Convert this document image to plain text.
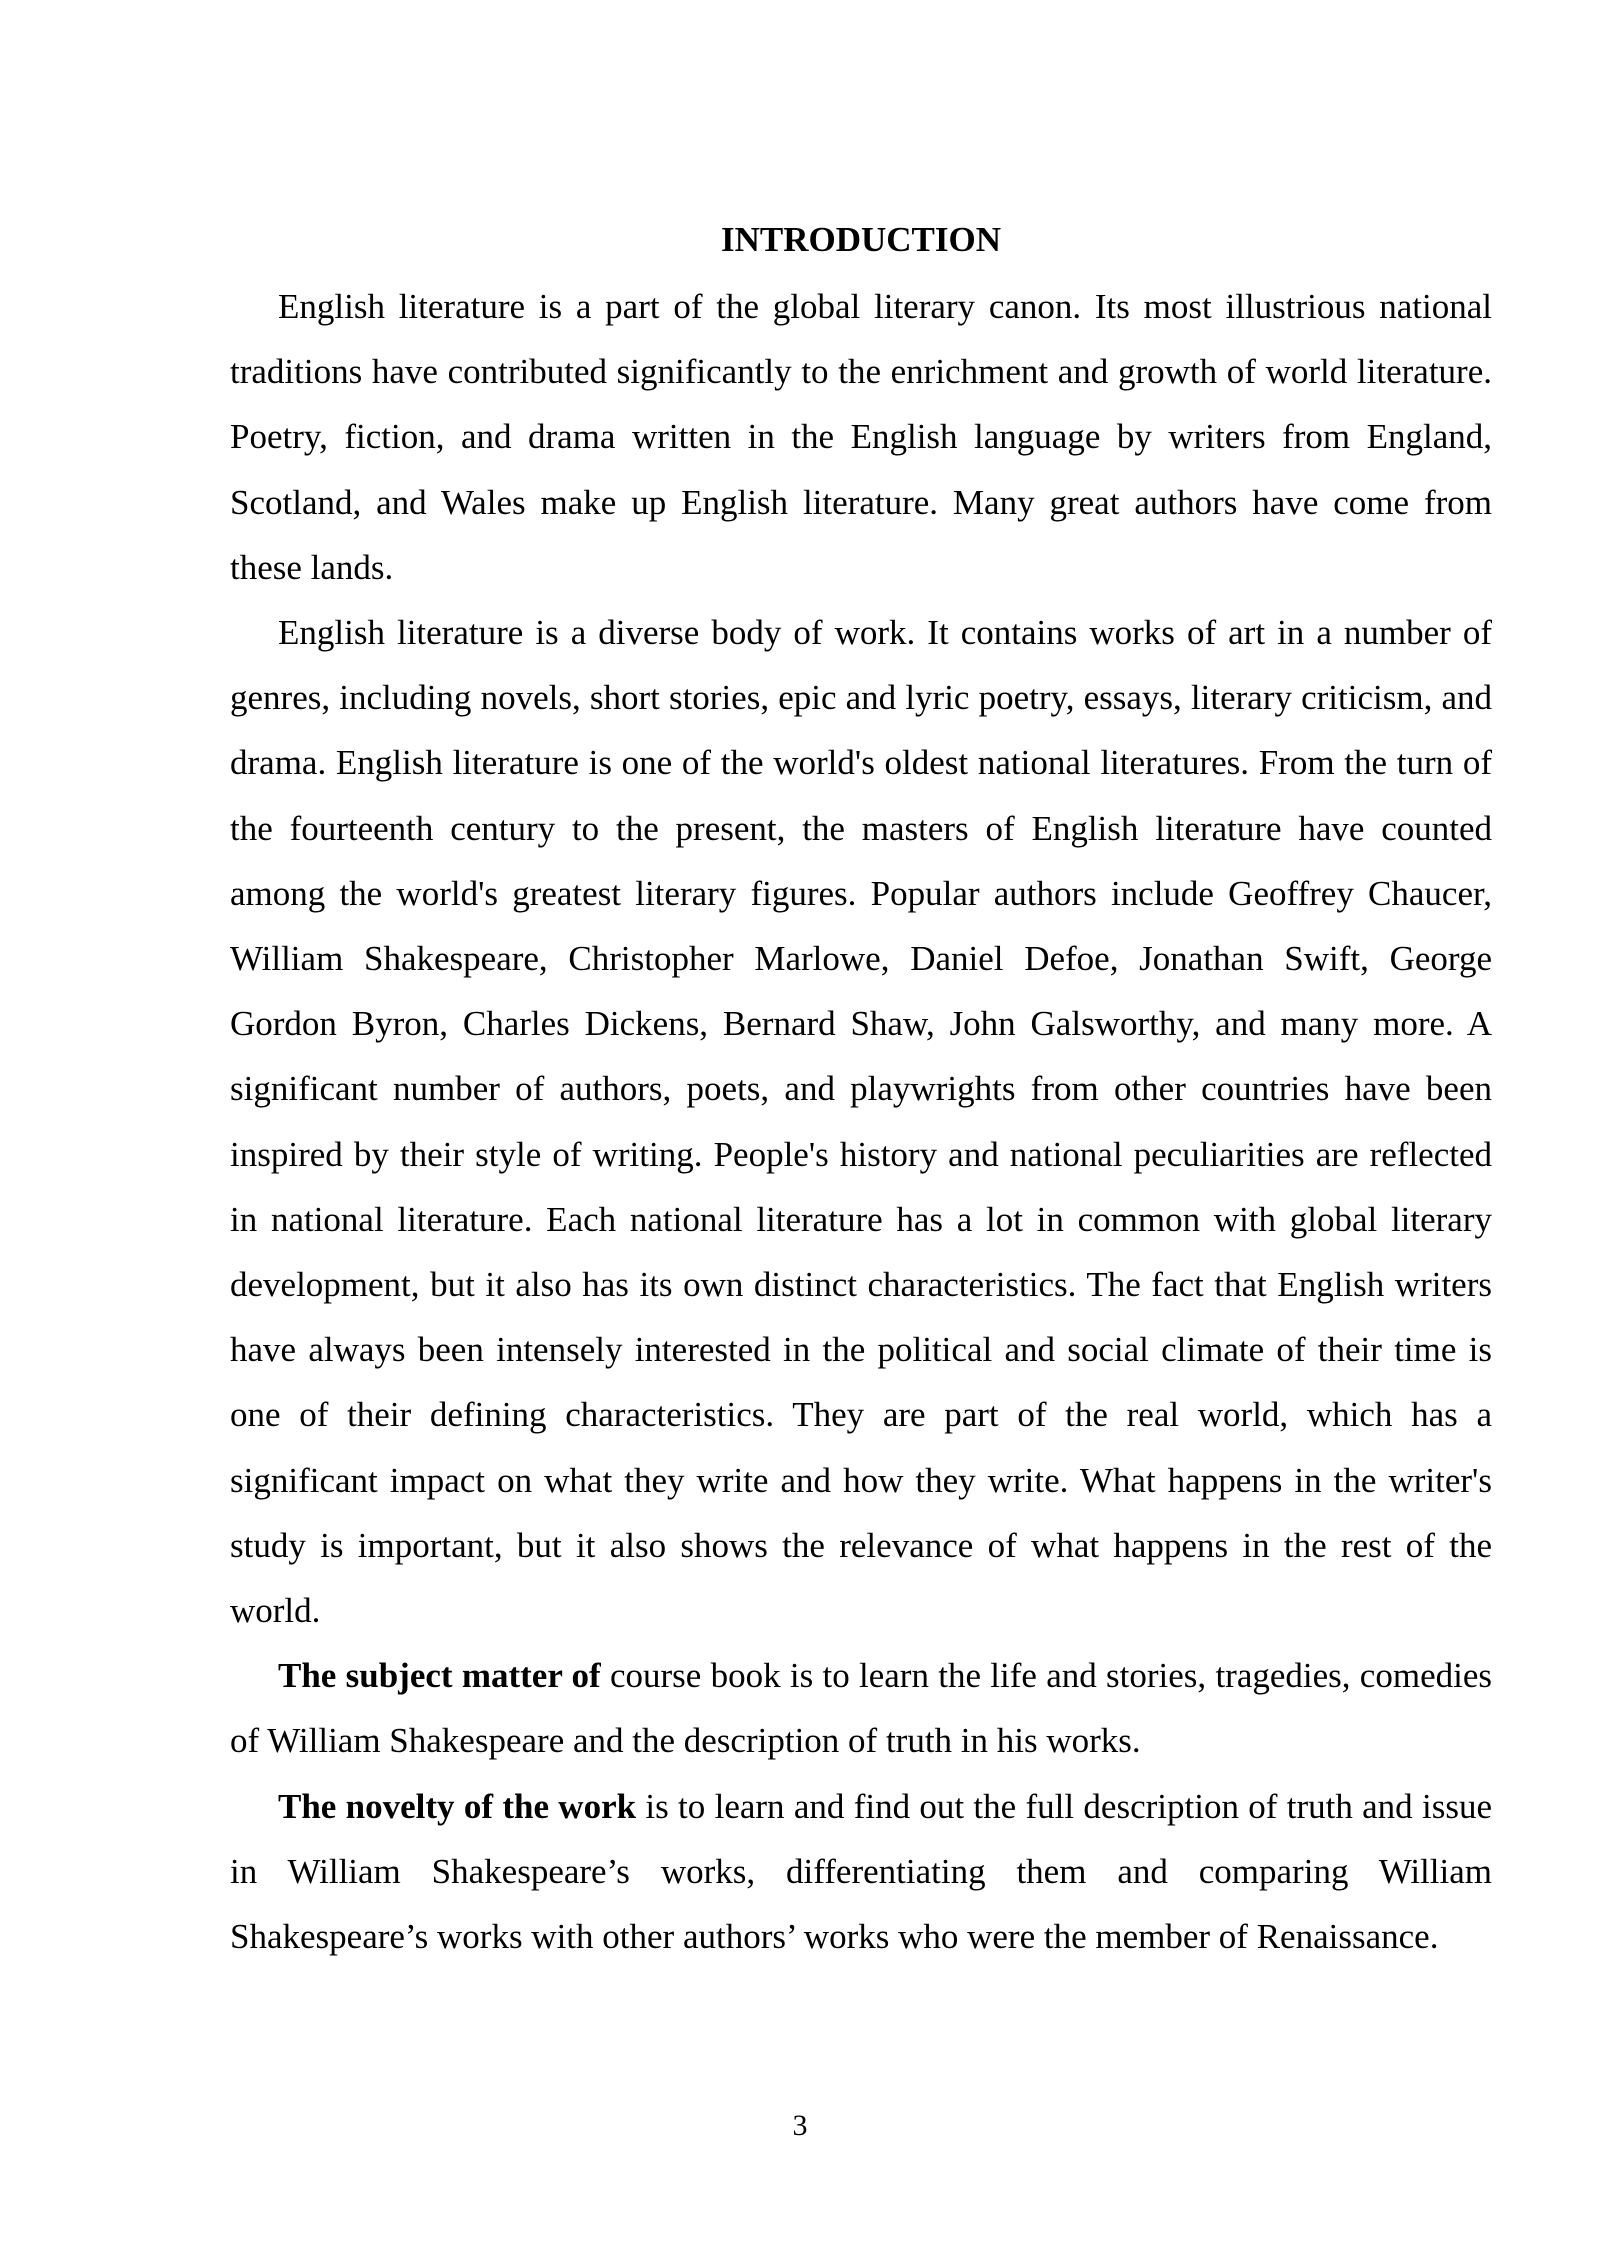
INTRODUCTION

English literature is a part of the global literary canon. Its most illustrious national traditions have contributed significantly to the enrichment and growth of world literature. Poetry, fiction, and drama written in the English language by writers from England, Scotland, and Wales make up English literature. Many great authors have come from these lands.

English literature is a diverse body of work. It contains works of art in a number of genres, including novels, short stories, epic and lyric poetry, essays, literary criticism, and drama. English literature is one of the world's oldest national literatures. From the turn of the fourteenth century to the present, the masters of English literature have counted among the world's greatest literary figures. Popular authors include Geoffrey Chaucer, William Shakespeare, Christopher Marlowe, Daniel Defoe, Jonathan Swift, George Gordon Byron, Charles Dickens, Bernard Shaw, John Galsworthy, and many more. A significant number of authors, poets, and playwrights from other countries have been inspired by their style of writing. People's history and national peculiarities are reflected in national literature. Each national literature has a lot in common with global literary development, but it also has its own distinct characteristics. The fact that English writers have always been intensely interested in the political and social climate of their time is one of their defining characteristics. They are part of the real world, which has a significant impact on what they write and how they write. What happens in the writer's study is important, but it also shows the relevance of what happens in the rest of the world.

The subject matter of course book is to learn the life and stories, tragedies, comedies of William Shakespeare and the description of truth in his works.

The novelty of the work is to learn and find out the full description of truth and issue in William Shakespeare’s works, differentiating them and comparing William Shakespeare’s works with other authors’ works who were the member of Renaissance.

3
